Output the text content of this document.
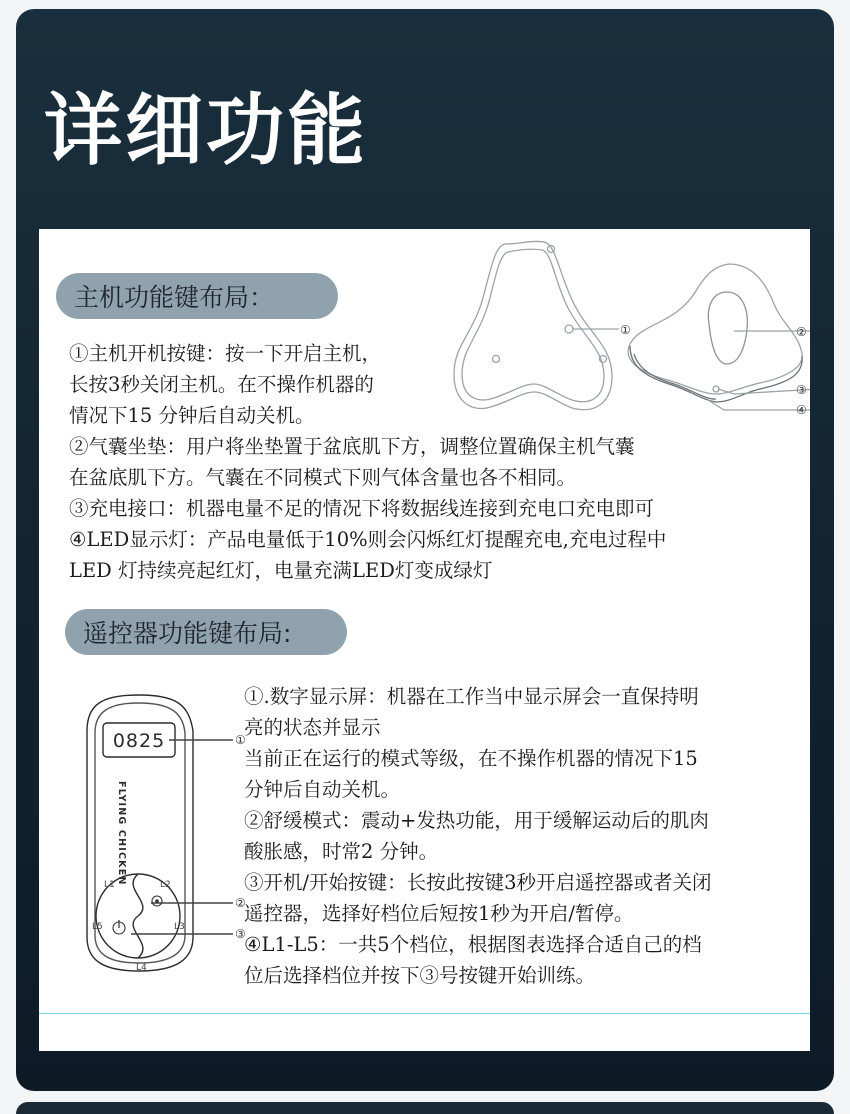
详细功能
主机功能键布局：
①	②
③
④
①主机开机按键：按一下开启主机，
长按3秒关闭主机。在不操作机器的
情况下15 分钟后自动关机。
②气囊坐垫：用户将坐垫置于盆底肌下方，调整位置确保主机气囊
在盆底肌下方。气囊在不同模式下则气体含量也各不相同。
③充电接口：机器电量不足的情况下将数据线连接到充电口充电即可
④LED显示灯：产品电量低于10%则会闪烁红灯提醒充电,充电过程中
LED 灯持续亮起红灯，电量充满LED灯变成绿灯
遥控器功能键布局:
0825
FLYING CHICKEN
L1	L2
L3
L4
L5
①
②
③
①.数字显示屏：机器在工作当中显示屏会一直保持明
亮的状态并显示
当前正在运行的模式等级，在不操作机器的情况下15
分钟后自动关机。
②舒缓模式：震动+发热功能，用于缓解运动后的肌肉
酸胀感，时常2 分钟。
③开机/开始按键：长按此按键3秒开启遥控器或者关闭
遥控器，选择好档位后短按1秒为开启/暂停。
④L1-L5：一共5个档位，根据图表选择合适自己的档
位后选择档位并按下③号按键开始训练。
